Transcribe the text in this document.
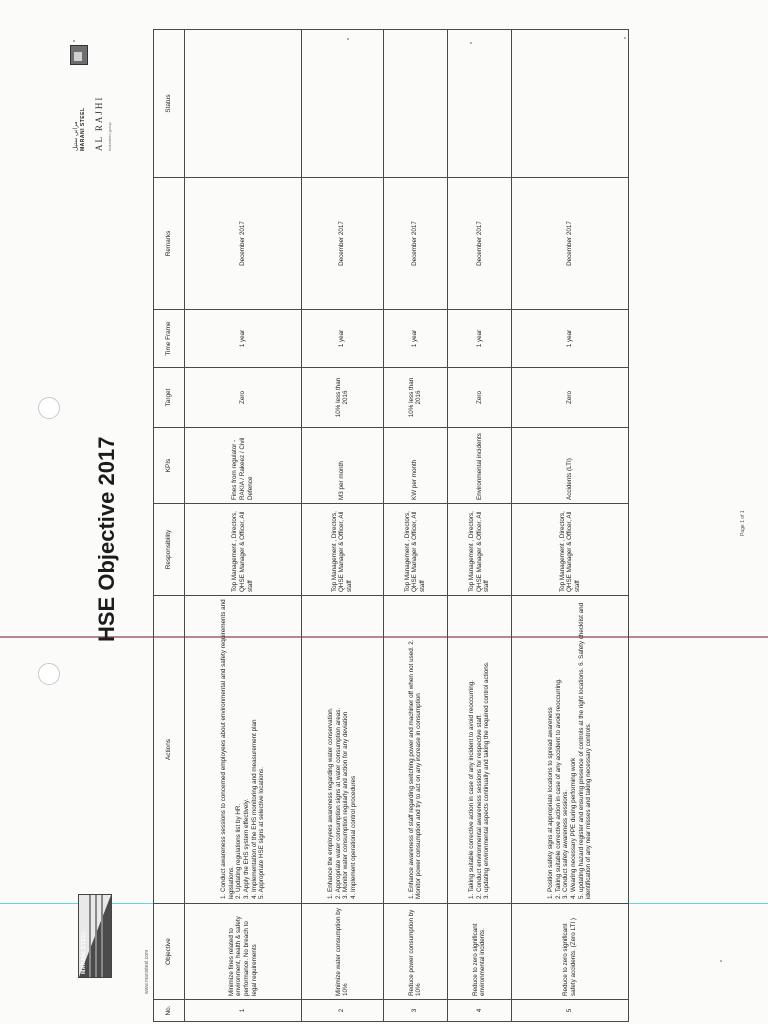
MARANI STEEL	www.manisteel.com
HSE Objective 2017
مراني ستيل MARANI STEEL AL RAJHI Industries group
No.	Objective	Actions	Responsibility	KPIs	Target	Time Frame	Remarks	Status
1	Minimize fines related to environment, health & safety performance. No breach to legal requirements	1. Conduct awareness sessions to concerned employees about environmental and safety requirements and legislations. 2. Updating regulations list by HR. 3. Apply the EHS system effectively. 4. Implementation of the EHS monitoring and measurement plan 5. Appropriate HSE signs at selective locations.	Top Management , Directors, QHSE Manager & Officer, All staff	Fines from regulator - RAKIA / Rakeez / Civil Defence	Zero	1 year	December 2017	
2	Minimize water consumption by 10%	1. Enhance the employees awareness regarding water conservation. 2. Appropriate water consumption signs at water consumption areas. 3. Monitor water consumption regularly and action for any deviation 4. Implement operational control procedures	Top Management , Directors, QHSE Manager & Officer, All staff	M3 per month	10% less than 2016	1 year	December 2017	
3	Reduce power consumption by 10%	1. Enhance awareness of staff regarding switching power and machiner off when not used. 2. Monitor power consumption and try to act on any increase in consumption	Top Management , Directors, QHSE Manager & Officer, All staff	KW per month	10% less than 2016	1 year	December 2017	
4	Reduce to zero significant environmental incidents.	1. Taking suitable corrective action in case of any incident to avoid reoccurring. 2. Conduct environmental awareness sessions for respective staff. 3. updating environmental aspects continually and taking the required control actions.	Top Management , Directors, QHSE Manager & Officer, All staff	Environmental incidents	Zero	1 year	December 2017	
5	Reduce to zero significant safety accidents. (Zero LTI )	1. Position safety signs at appropriate locations to spread awareness 2. Taking suitable corrective action in case of any accident to avoid reoccurring. 3. Conduct safety awareness sessions. 4. Wearing necessary PPE during performing work 5. updating hazard register and ensuring presence of controls at the right locations. 6. Safety checklist and identification of any near misses and taking necessary controls.	Top Management , Directors, QHSE Manager & Officer, All staff	Accidents (LTI)	Zero	1 year	December 2017	
Page 1 of 1
